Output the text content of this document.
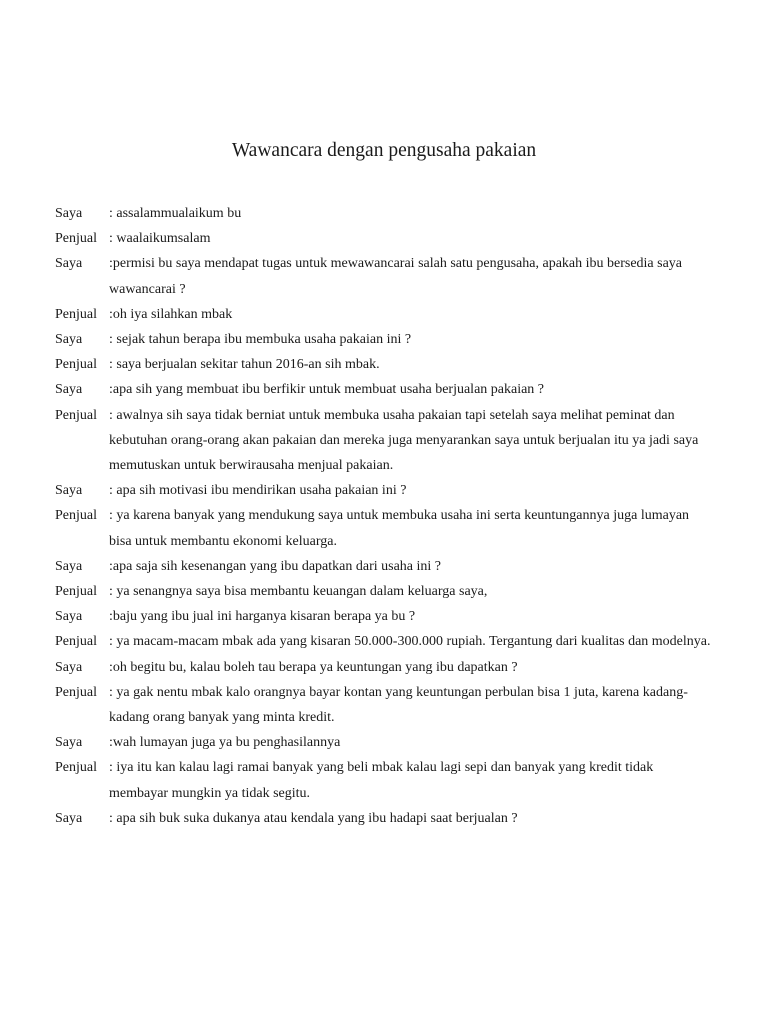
Wawancara dengan pengusaha pakaian
Saya	: assalammualaikum bu
Penjual : waalaikumsalam
Saya	:permisi bu saya mendapat tugas untuk mewawancarai salah satu pengusaha, apakah ibu bersedia saya wawancarai ?
Penjual :oh iya silahkan mbak
Saya	: sejak tahun berapa ibu membuka usaha pakaian ini ?
Penjual : saya berjualan sekitar tahun 2016-an sih mbak.
Saya	:apa sih yang membuat ibu berfikir untuk membuat usaha berjualan pakaian ?
Penjual : awalnya sih saya tidak berniat untuk membuka usaha pakaian tapi setelah saya melihat peminat dan kebutuhan orang-orang akan pakaian dan mereka juga menyarankan saya untuk berjualan itu ya jadi saya memutuskan untuk berwirausaha menjual pakaian.
Saya	: apa sih motivasi ibu mendirikan usaha pakaian ini ?
Penjual : ya karena banyak yang mendukung saya untuk membuka usaha ini serta keuntungannya juga lumayan bisa untuk membantu ekonomi keluarga.
Saya	:apa saja sih kesenangan yang ibu dapatkan dari usaha ini ?
Penjual : ya senangnya saya bisa membantu keuangan dalam keluarga saya,
Saya	:baju yang ibu jual ini harganya kisaran berapa ya bu ?
Penjual : ya macam-macam mbak ada yang kisaran 50.000-300.000 rupiah. Tergantung dari kualitas dan modelnya.
Saya	:oh begitu bu, kalau boleh tau berapa ya keuntungan yang ibu dapatkan ?
Penjual : ya gak nentu mbak kalo orangnya bayar kontan yang keuntungan perbulan bisa 1 juta, karena kadang-kadang orang banyak yang minta kredit.
Saya	:wah lumayan juga ya bu penghasilannya
Penjual : iya itu kan kalau lagi ramai banyak yang beli mbak kalau lagi sepi dan banyak yang kredit tidak membayar mungkin ya tidak segitu.
Saya	: apa sih buk suka dukanya atau kendala yang ibu hadapi saat berjualan ?
